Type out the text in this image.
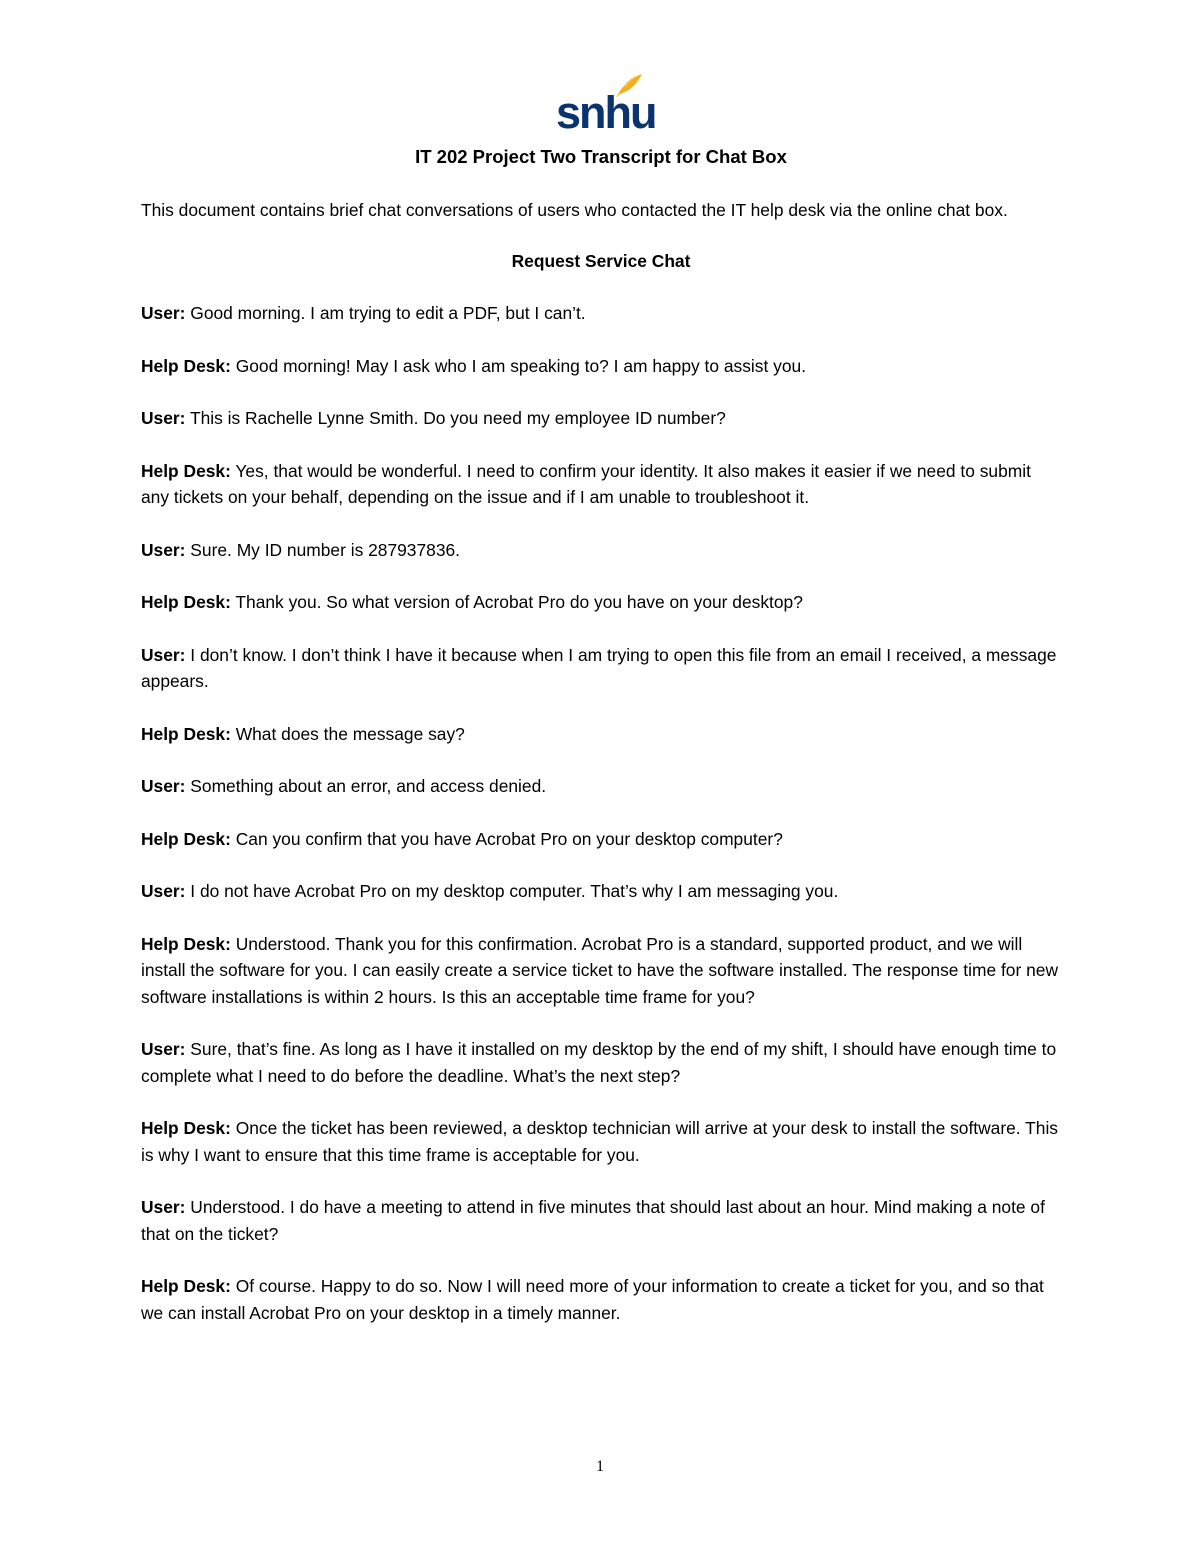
snhu
IT 202 Project Two Transcript for Chat Box

This document contains brief chat conversations of users who contacted the IT help desk via the online chat box.

Request Service Chat
User: Good morning. I am trying to edit a PDF, but I can’t.
Help Desk: Good morning! May I ask who I am speaking to? I am happy to assist you.
User: This is Rachelle Lynne Smith. Do you need my employee ID number?
Help Desk: Yes, that would be wonderful. I need to confirm your identity. It also makes it easier if we need to submit any tickets on your behalf, depending on the issue and if I am unable to troubleshoot it.
User: Sure. My ID number is 287937836.
Help Desk: Thank you. So what version of Acrobat Pro do you have on your desktop?
User: I don’t know. I don’t think I have it because when I am trying to open this file from an email I received, a message appears.
Help Desk: What does the message say?
User: Something about an error, and access denied.
Help Desk: Can you confirm that you have Acrobat Pro on your desktop computer?
User: I do not have Acrobat Pro on my desktop computer. That’s why I am messaging you.
Help Desk: Understood. Thank you for this confirmation. Acrobat Pro is a standard, supported product, and we will install the software for you. I can easily create a service ticket to have the software installed. The response time for new software installations is within 2 hours. Is this an acceptable time frame for you?
User: Sure, that’s fine. As long as I have it installed on my desktop by the end of my shift, I should have enough time to complete what I need to do before the deadline. What’s the next step?
Help Desk: Once the ticket has been reviewed, a desktop technician will arrive at your desk to install the software. This is why I want to ensure that this time frame is acceptable for you.
User: Understood. I do have a meeting to attend in five minutes that should last about an hour. Mind making a note of that on the ticket?
Help Desk: Of course. Happy to do so. Now I will need more of your information to create a ticket for you, and so that we can install Acrobat Pro on your desktop in a timely manner.
1
